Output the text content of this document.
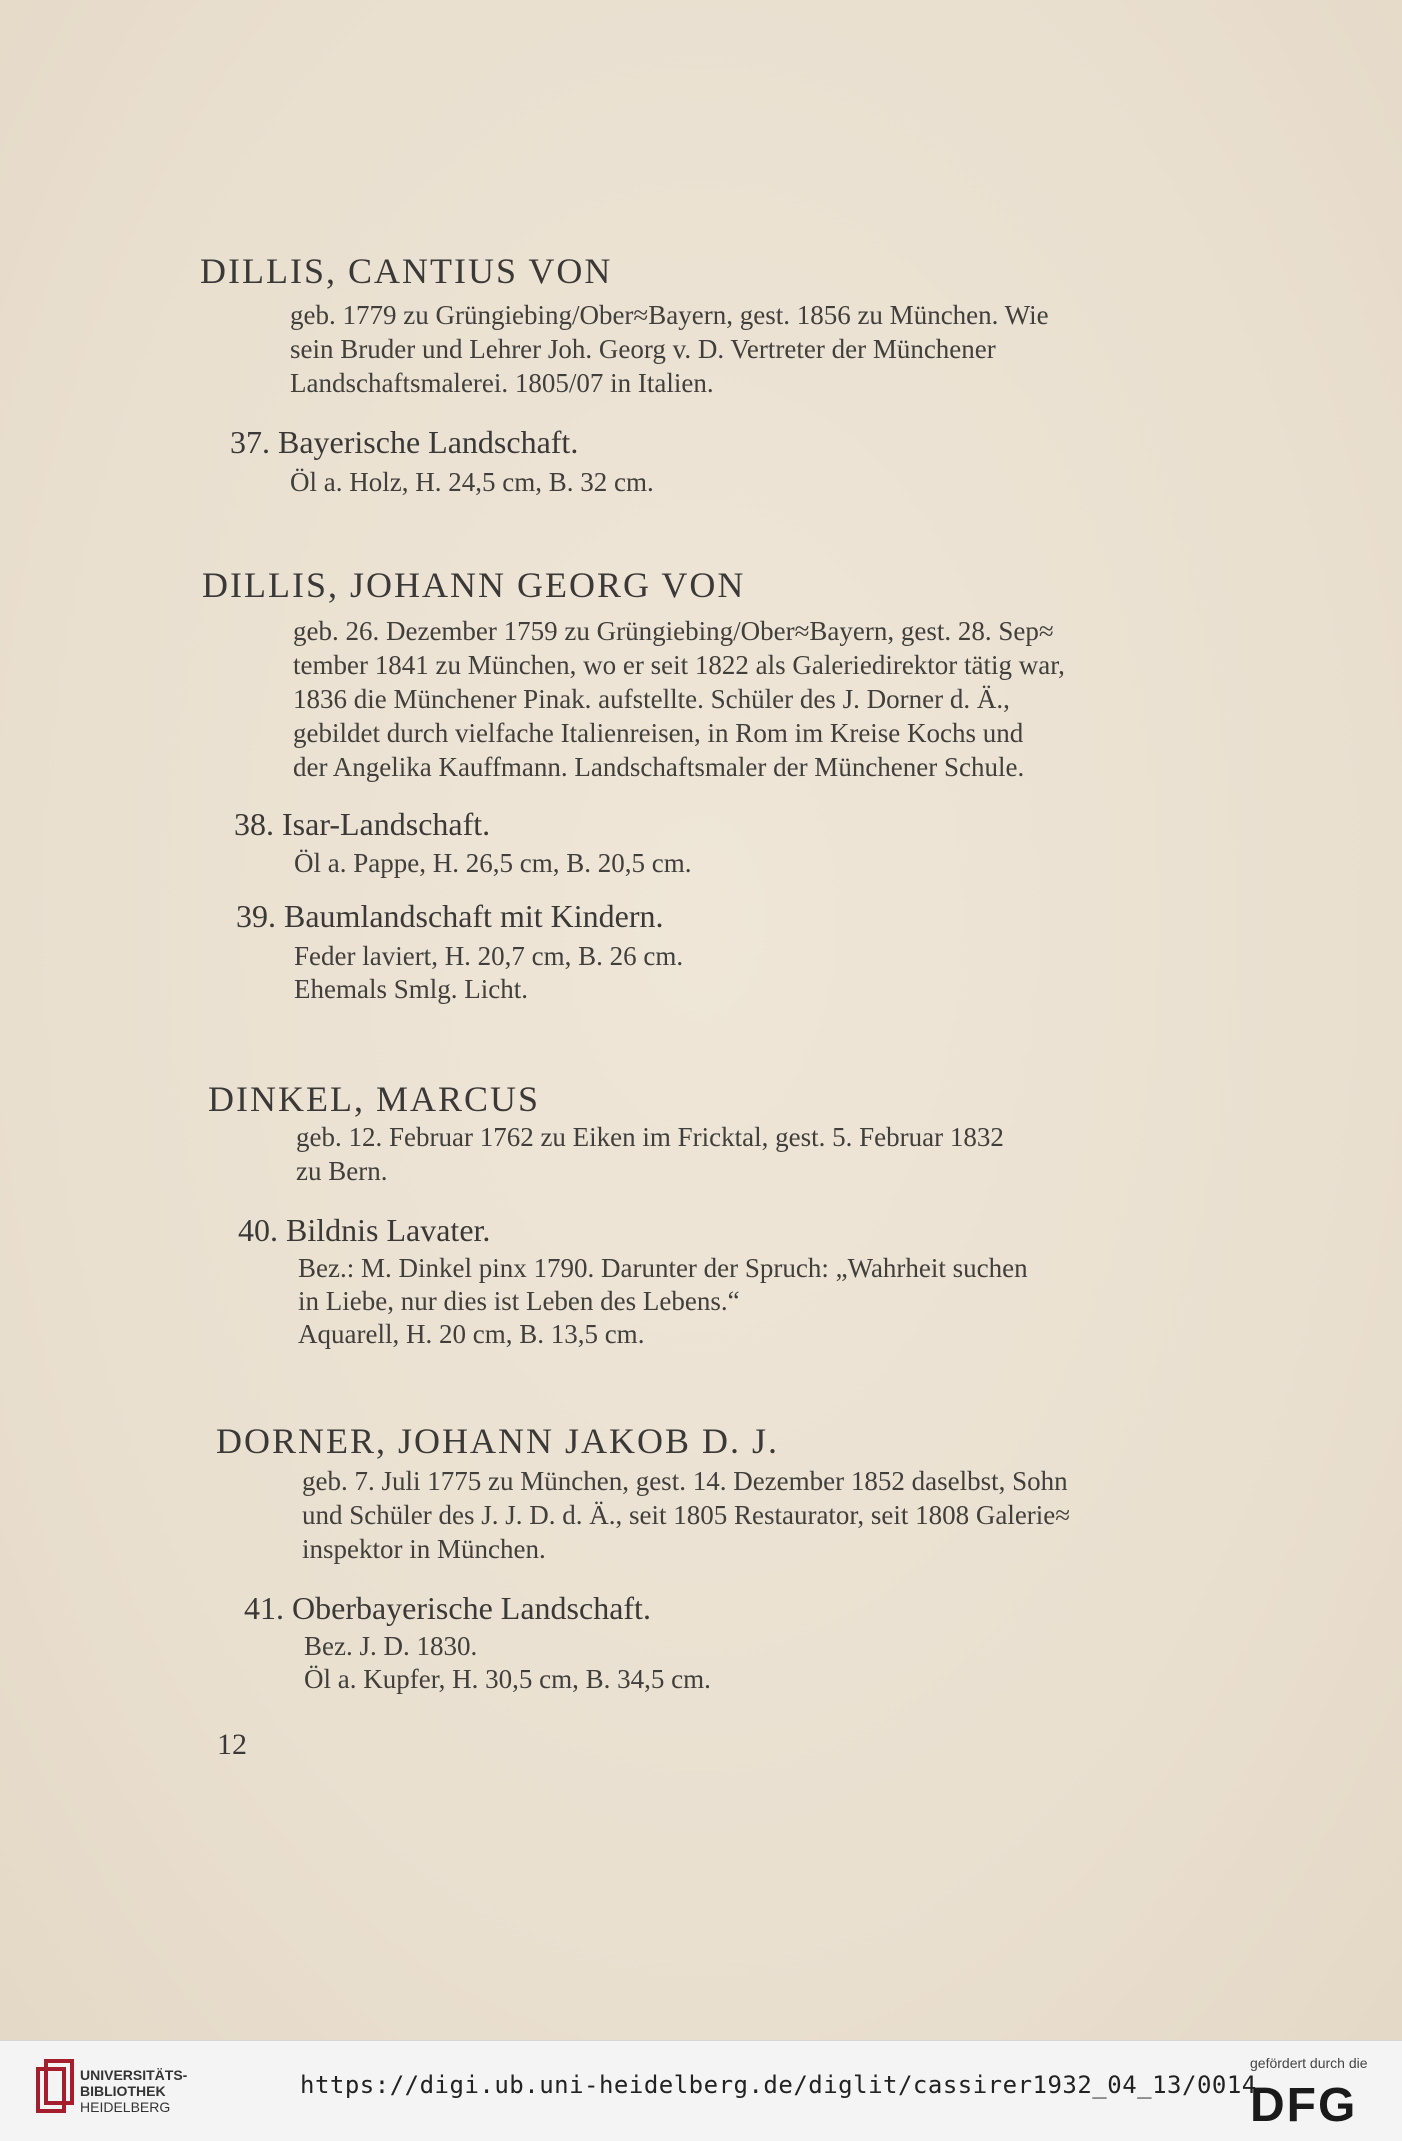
DILLIS, CANTIUS VON
geb. 1779 zu Grüngiebing/Ober≈Bayern, gest. 1856 zu München. Wie
sein Bruder und Lehrer Joh. Georg v. D. Vertreter der Münchener
Landschaftsmalerei. 1805/07 in Italien.
37. Bayerische Landschaft.
Öl a. Holz, H. 24,5 cm, B. 32 cm.
DILLIS, JOHANN GEORG VON
geb. 26. Dezember 1759 zu Grüngiebing/Ober≈Bayern, gest. 28. Sep≈
tember 1841 zu München, wo er seit 1822 als Galeriedirektor tätig war,
1836 die Münchener Pinak. aufstellte. Schüler des J. Dorner d. Ä.,
gebildet durch vielfache Italienreisen, in Rom im Kreise Kochs und
der Angelika Kauffmann. Landschaftsmaler der Münchener Schule.
38. Isar-Landschaft.
Öl a. Pappe, H. 26,5 cm, B. 20,5 cm.
39. Baumlandschaft mit Kindern.
Feder laviert, H. 20,7 cm, B. 26 cm.
Ehemals Smlg. Licht.
DINKEL, MARCUS
geb. 12. Februar 1762 zu Eiken im Fricktal, gest. 5. Februar 1832
zu Bern.
40. Bildnis Lavater.
Bez.: M. Dinkel pinx 1790. Darunter der Spruch: „Wahrheit suchen
in Liebe, nur dies ist Leben des Lebens.“
Aquarell, H. 20 cm, B. 13,5 cm.
DORNER, JOHANN JAKOB D. J.
geb. 7. Juli 1775 zu München, gest. 14. Dezember 1852 daselbst, Sohn
und Schüler des J. J. D. d. Ä., seit 1805 Restaurator, seit 1808 Galerie≈
inspektor in München.
41. Oberbayerische Landschaft.
Bez. J. D. 1830.
Öl a. Kupfer, H. 30,5 cm, B. 34,5 cm.
12
UNIVERSITÄTS-
BIBLIOTHEK
HEIDELBERG
https://digi.ub.uni-heidelberg.de/diglit/cassirer1932_04_13/0014
gefördert durch die
DFG
